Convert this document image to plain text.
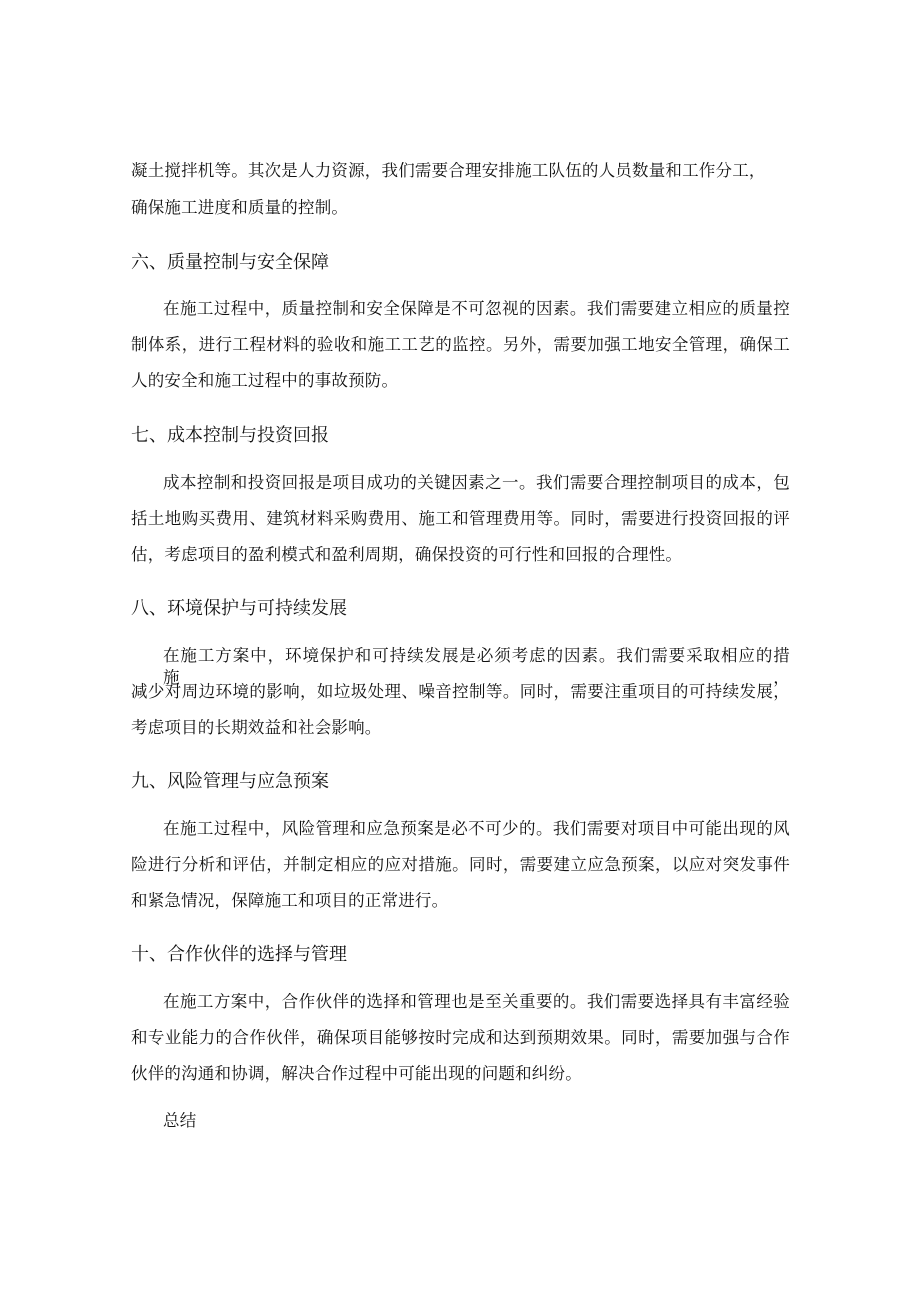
凝土搅拌机等。其次是人力资源，我们需要合理安排施工队伍的人员数量和工作分工，
确保施工进度和质量的控制。
六、质量控制与安全保障
在施工过程中，质量控制和安全保障是不可忽视的因素。我们需要建立相应的质量控
制体系，进行工程材料的验收和施工工艺的监控。另外，需要加强工地安全管理，确保工
人的安全和施工过程中的事故预防。
七、成本控制与投资回报
成本控制和投资回报是项目成功的关键因素之一。我们需要合理控制项目的成本，包
括土地购买费用、建筑材料采购费用、施工和管理费用等。同时，需要进行投资回报的评
估，考虑项目的盈利模式和盈利周期，确保投资的可行性和回报的合理性。
八、环境保护与可持续发展
在施工方案中，环境保护和可持续发展是必须考虑的因素。我们需要采取相应的措施，
减少对周边环境的影响，如垃圾处理、噪音控制等。同时，需要注重项目的可持续发展，
考虑项目的长期效益和社会影响。
九、风险管理与应急预案
在施工过程中，风险管理和应急预案是必不可少的。我们需要对项目中可能出现的风
险进行分析和评估，并制定相应的应对措施。同时，需要建立应急预案，以应对突发事件
和紧急情况，保障施工和项目的正常进行。
十、合作伙伴的选择与管理
在施工方案中，合作伙伴的选择和管理也是至关重要的。我们需要选择具有丰富经验
和专业能力的合作伙伴，确保项目能够按时完成和达到预期效果。同时，需要加强与合作
伙伴的沟通和协调，解决合作过程中可能出现的问题和纠纷。
总结
